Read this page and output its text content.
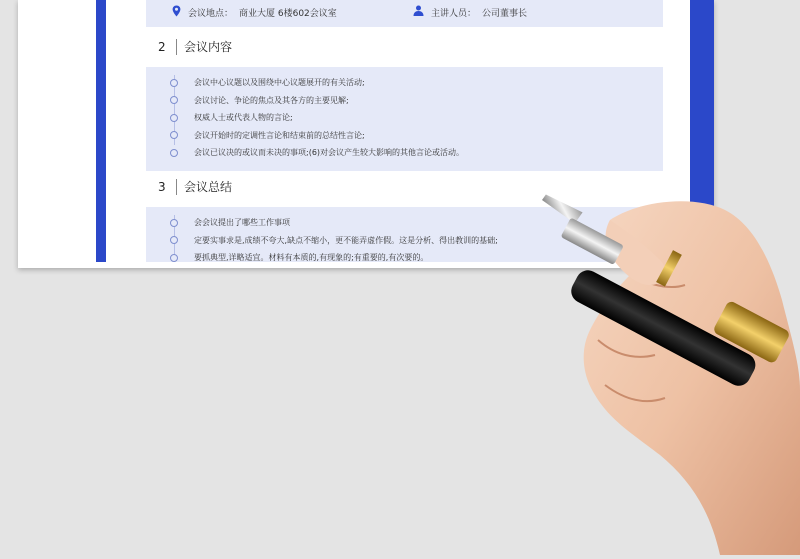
会议地点： 商业大厦 6楼602会议室	主讲人员： 公司董事长
2	会议内容
会议中心议题以及围绕中心议题展开的有关活动;
会议讨论、争论的焦点及其各方的主要见解;
权威人士或代表人物的言论;
会议开始时的定调性言论和结束前的总结性言论;
会议已议决的或议而未决的事项;(6)对会议产生较大影响的其他言论或活动。
3	会议总结
会会议提出了哪些工作事项
定要实事求是,成绩不夸大,缺点不缩小，更不能弄虚作假。这是分析、得出教训的基础;
要抓典型,详略适宜。材料有本质的,有现象的;有重要的,有次要的。
